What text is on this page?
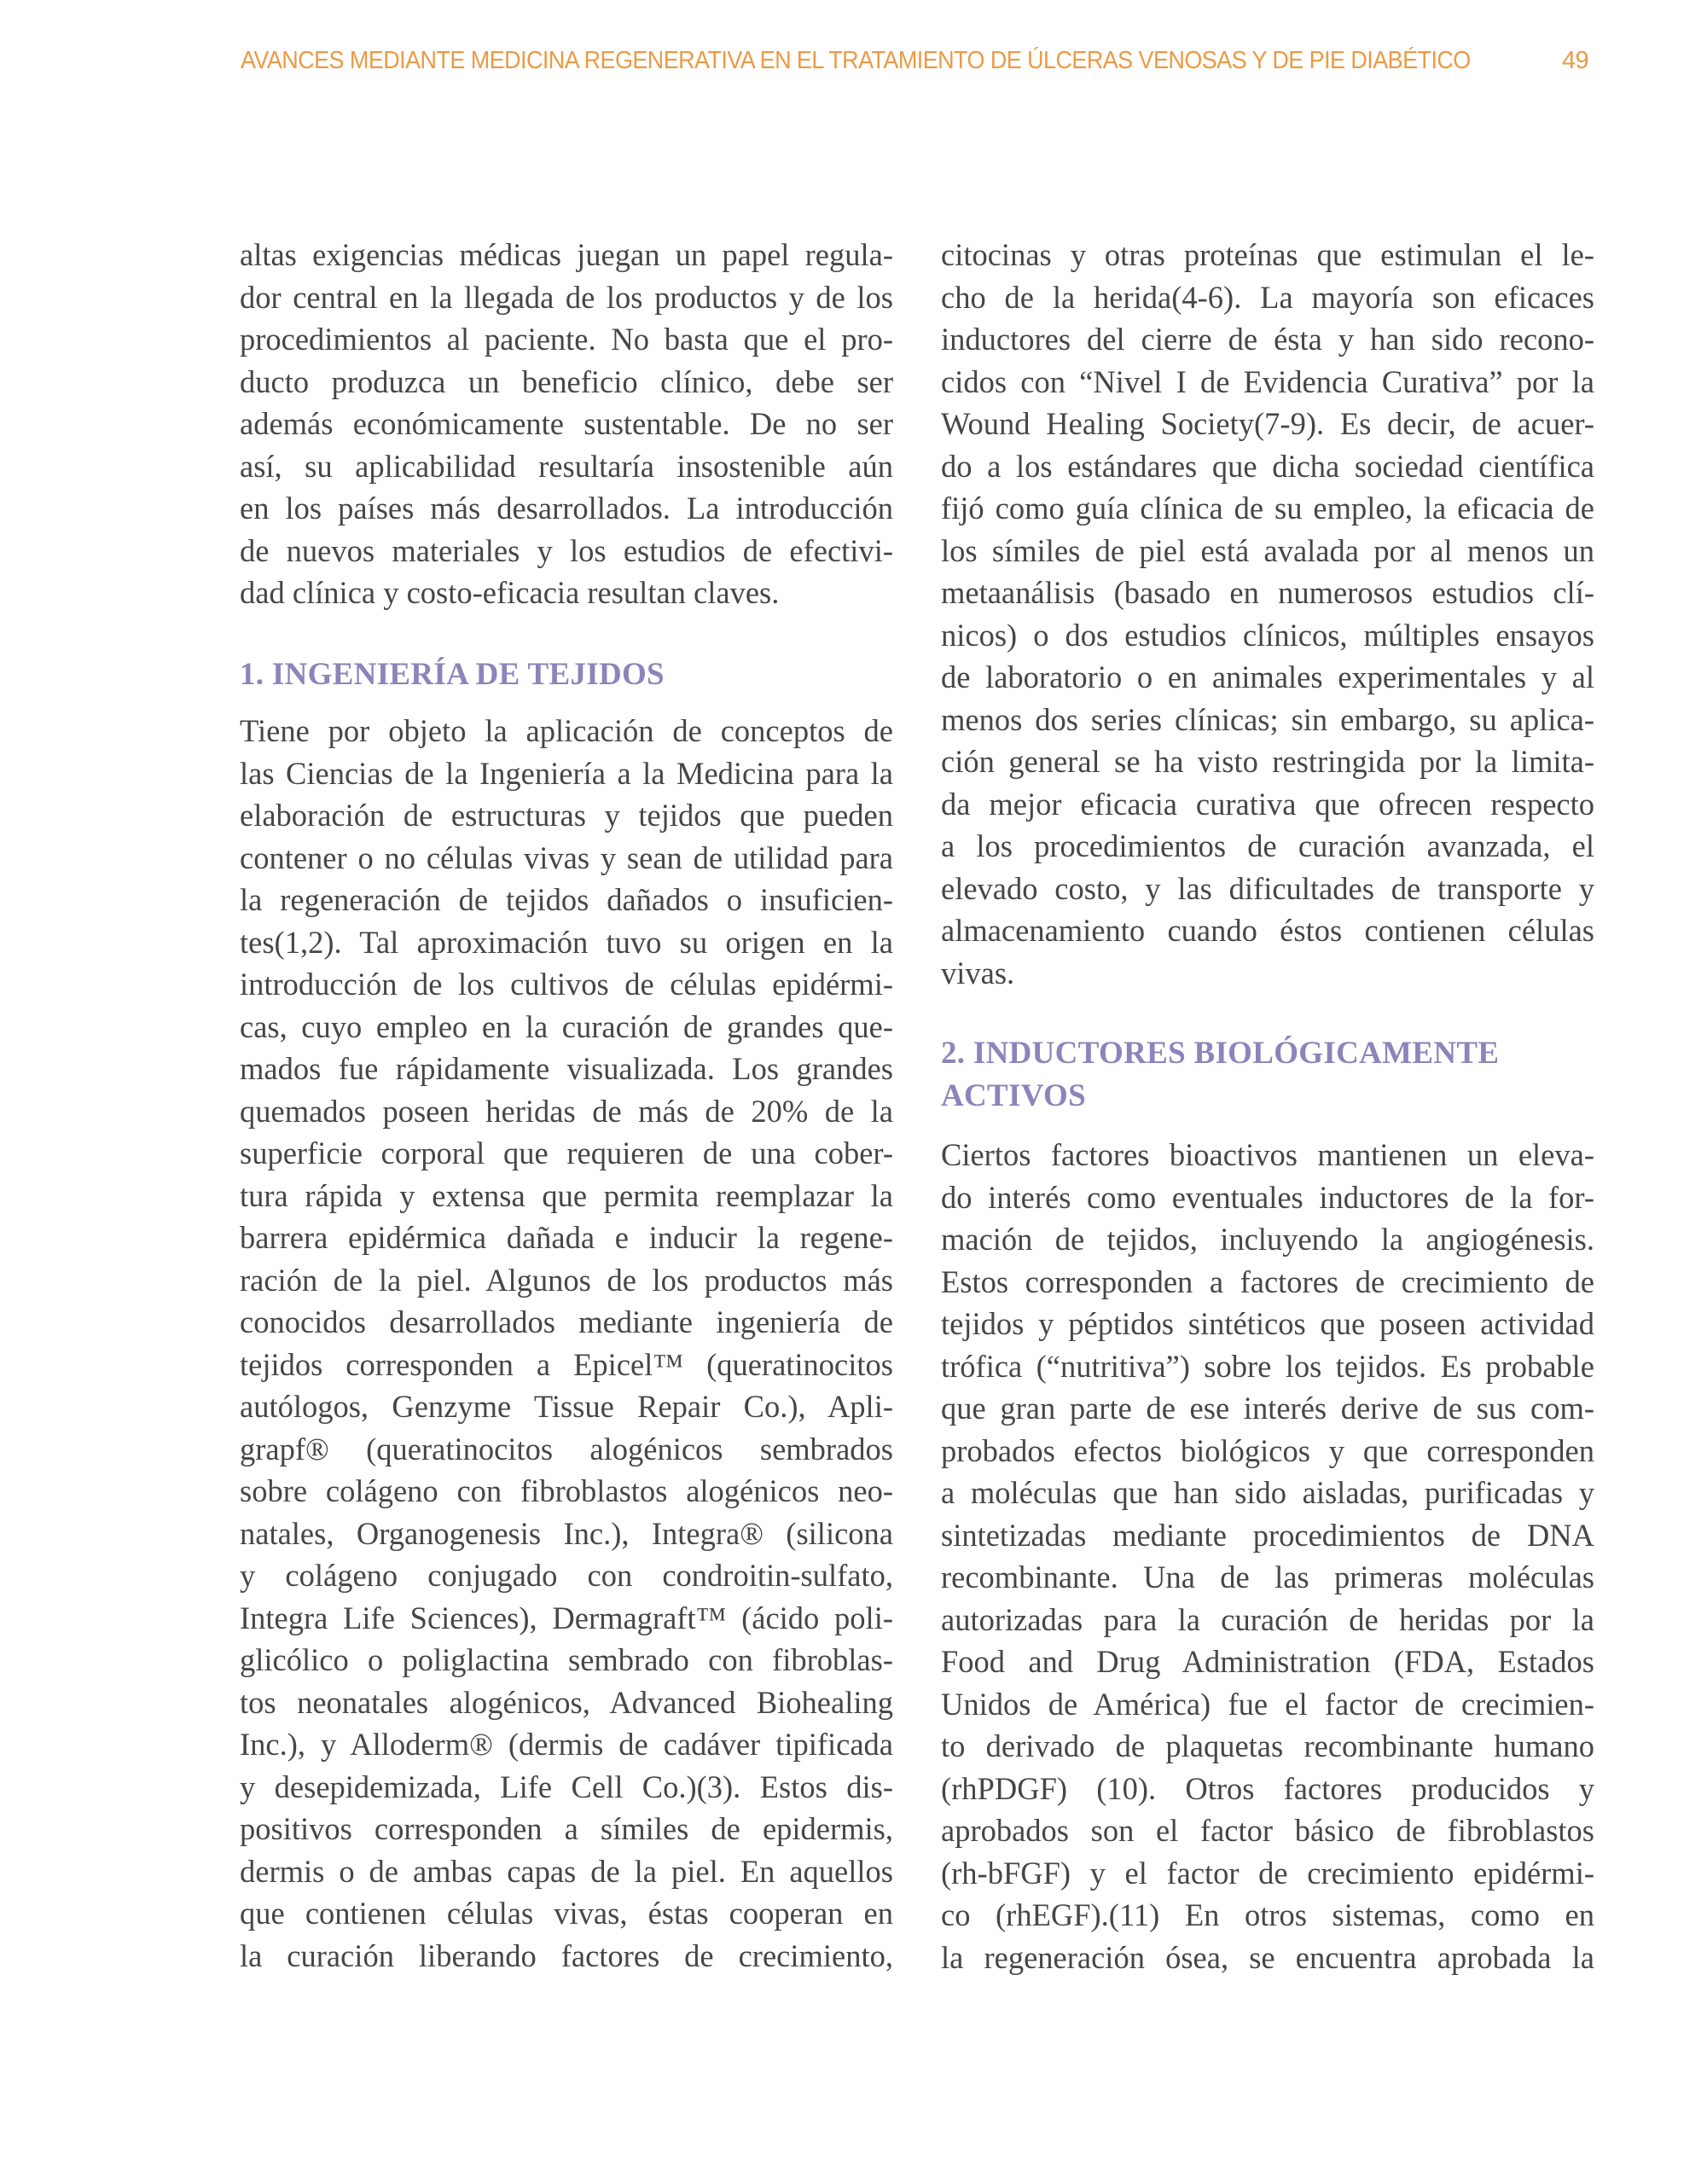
AVANCES MEDIANTE MEDICINA REGENERATIVA EN EL TRATAMIENTO DE ÚLCERAS VENOSAS Y DE PIE DIABÉTICO	49
altas exigencias médicas juegan un papel regula-
dor central en la llegada de los productos y de los
procedimientos al paciente. No basta que el pro-
ducto produzca un beneficio clínico, debe ser
además económicamente sustentable. De no ser
así, su aplicabilidad resultaría insostenible aún
en los países más desarrollados. La introducción
de nuevos materiales y los estudios de efectivi-
dad clínica y costo-eficacia resultan claves.
1. INGENIERÍA DE TEJIDOS
Tiene por objeto la aplicación de conceptos de
las Ciencias de la Ingeniería a la Medicina para la
elaboración de estructuras y tejidos que pueden
contener o no células vivas y sean de utilidad para
la regeneración de tejidos dañados o insuficien-
tes(1,2). Tal aproximación tuvo su origen en la
introducción de los cultivos de células epidérmi-
cas, cuyo empleo en la curación de grandes que-
mados fue rápidamente visualizada. Los grandes
quemados poseen heridas de más de 20% de la
superficie corporal que requieren de una cober-
tura rápida y extensa que permita reemplazar la
barrera epidérmica dañada e inducir la regene-
ración de la piel. Algunos de los productos más
conocidos desarrollados mediante ingeniería de
tejidos corresponden a Epicel™ (queratinocitos
autólogos, Genzyme Tissue Repair Co.), Apli-
grapf® (queratinocitos alogénicos sembrados
sobre colágeno con fibroblastos alogénicos neo-
natales, Organogenesis Inc.), Integra® (silicona
y colágeno conjugado con condroitin-sulfato,
Integra Life Sciences), Dermagraft™ (ácido poli-
glicólico o poliglactina sembrado con fibroblas-
tos neonatales alogénicos, Advanced Biohealing
Inc.), y Alloderm® (dermis de cadáver tipificada
y desepidemizada, Life Cell Co.)(3). Estos dis-
positivos corresponden a símiles de epidermis,
dermis o de ambas capas de la piel. En aquellos
que contienen células vivas, éstas cooperan en
la curación liberando factores de crecimiento,
citocinas y otras proteínas que estimulan el le-
cho de la herida(4-6). La mayoría son eficaces
inductores del cierre de ésta y han sido recono-
cidos con “Nivel I de Evidencia Curativa” por la
Wound Healing Society(7-9). Es decir, de acuer-
do a los estándares que dicha sociedad científica
fijó como guía clínica de su empleo, la eficacia de
los símiles de piel está avalada por al menos un
metaanálisis (basado en numerosos estudios clí-
nicos) o dos estudios clínicos, múltiples ensayos
de laboratorio o en animales experimentales y al
menos dos series clínicas; sin embargo, su aplica-
ción general se ha visto restringida por la limita-
da mejor eficacia curativa que ofrecen respecto
a los procedimientos de curación avanzada, el
elevado costo, y las dificultades de transporte y
almacenamiento cuando éstos contienen células
vivas.
2. INDUCTORES BIOLÓGICAMENTE
ACTIVOS
Ciertos factores bioactivos mantienen un eleva-
do interés como eventuales inductores de la for-
mación de tejidos, incluyendo la angiogénesis.
Estos corresponden a factores de crecimiento de
tejidos y péptidos sintéticos que poseen actividad
trófica (“nutritiva”) sobre los tejidos. Es probable
que gran parte de ese interés derive de sus com-
probados efectos biológicos y que corresponden
a moléculas que han sido aisladas, purificadas y
sintetizadas mediante procedimientos de DNA
recombinante. Una de las primeras moléculas
autorizadas para la curación de heridas por la
Food and Drug Administration (FDA, Estados
Unidos de América) fue el factor de crecimien-
to derivado de plaquetas recombinante humano
(rhPDGF) (10). Otros factores producidos y
aprobados son el factor básico de fibroblastos
(rh-bFGF) y el factor de crecimiento epidérmi-
co (rhEGF).(11) En otros sistemas, como en
la regeneración ósea, se encuentra aprobada la
